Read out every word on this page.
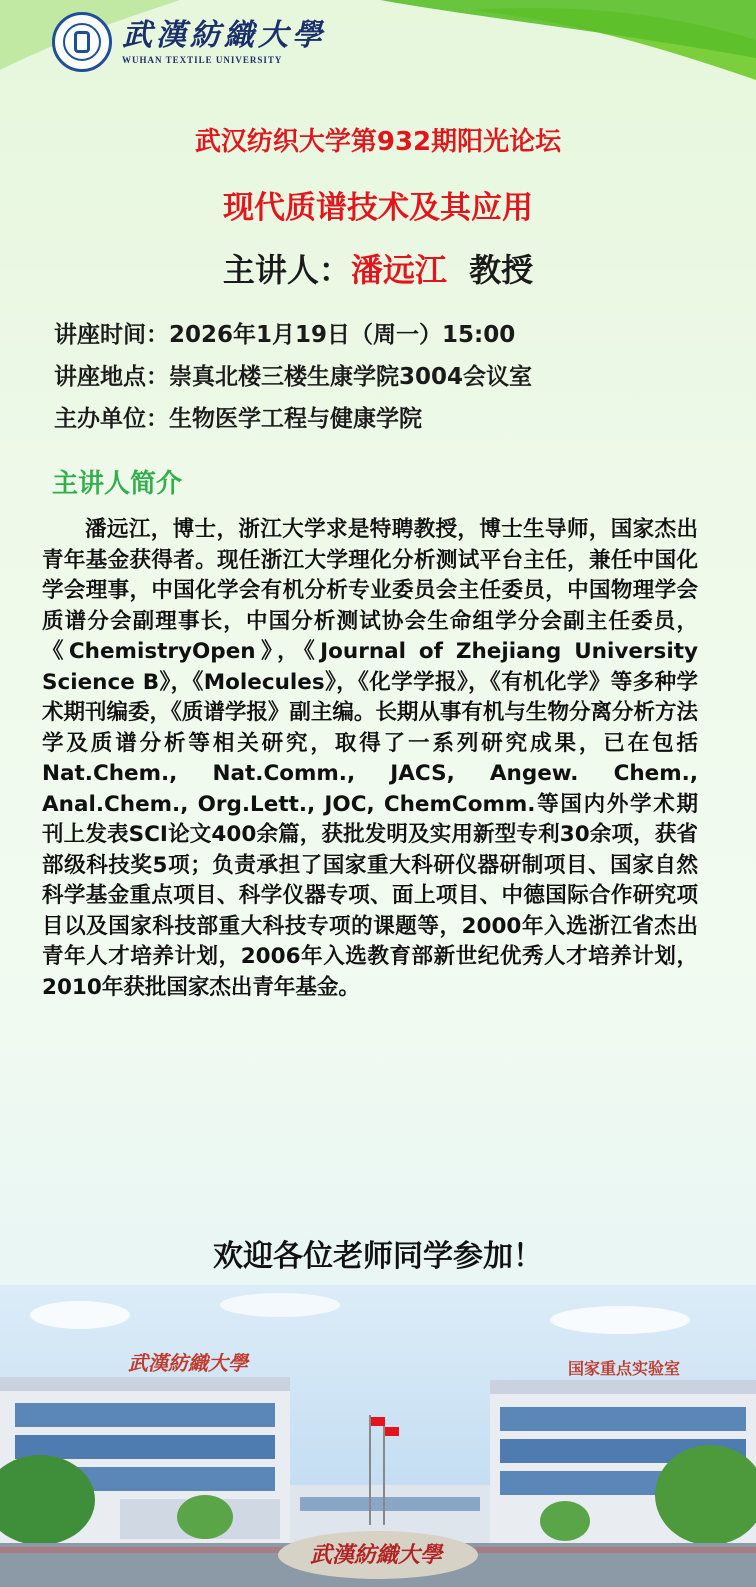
武漢紡織大學
WUHAN TEXTILE UNIVERSITY
武汉纺织大学第932期阳光论坛
现代质谱技术及其应用
主讲人：潘远江 教授
讲座时间：2026年1月19日（周一）15:00
讲座地点：崇真北楼三楼生康学院3004会议室
主办单位：生物医学工程与健康学院
主讲人简介
潘远江，博士，浙江大学求是特聘教授，博士生导师，国家杰出青年基金获得者。现任浙江大学理化分析测试平台主任，兼任中国化学会理事，中国化学会有机分析专业委员会主任委员，中国物理学会质谱分会副理事长，中国分析测试协会生命组学分会副主任委员，《ChemistryOpen》，《Journal of Zhejiang University Science B》，《Molecules》，《化学学报》，《有机化学》等多种学术期刊编委，《质谱学报》副主编。长期从事有机与生物分离分析方法学及质谱分析等相关研究，取得了一系列研究成果，已在包括Nat.Chem., Nat.Comm., JACS, Angew. Chem., Anal.Chem., Org.Lett., JOC, ChemComm.等国内外学术期刊上发表SCI论文400余篇，获批发明及实用新型专利30余项，获省部级科技奖5项；负责承担了国家重大科研仪器研制项目、国家自然科学基金重点项目、科学仪器专项、面上项目、中德国际合作研究项目以及国家科技部重大科技专项的课题等，2000年入选浙江省杰出青年人才培养计划，2006年入选教育部新世纪优秀人才培养计划，2010年获批国家杰出青年基金。
欢迎各位老师同学参加！
武漢紡織大學	国家重点实验室
武漢紡織大學
